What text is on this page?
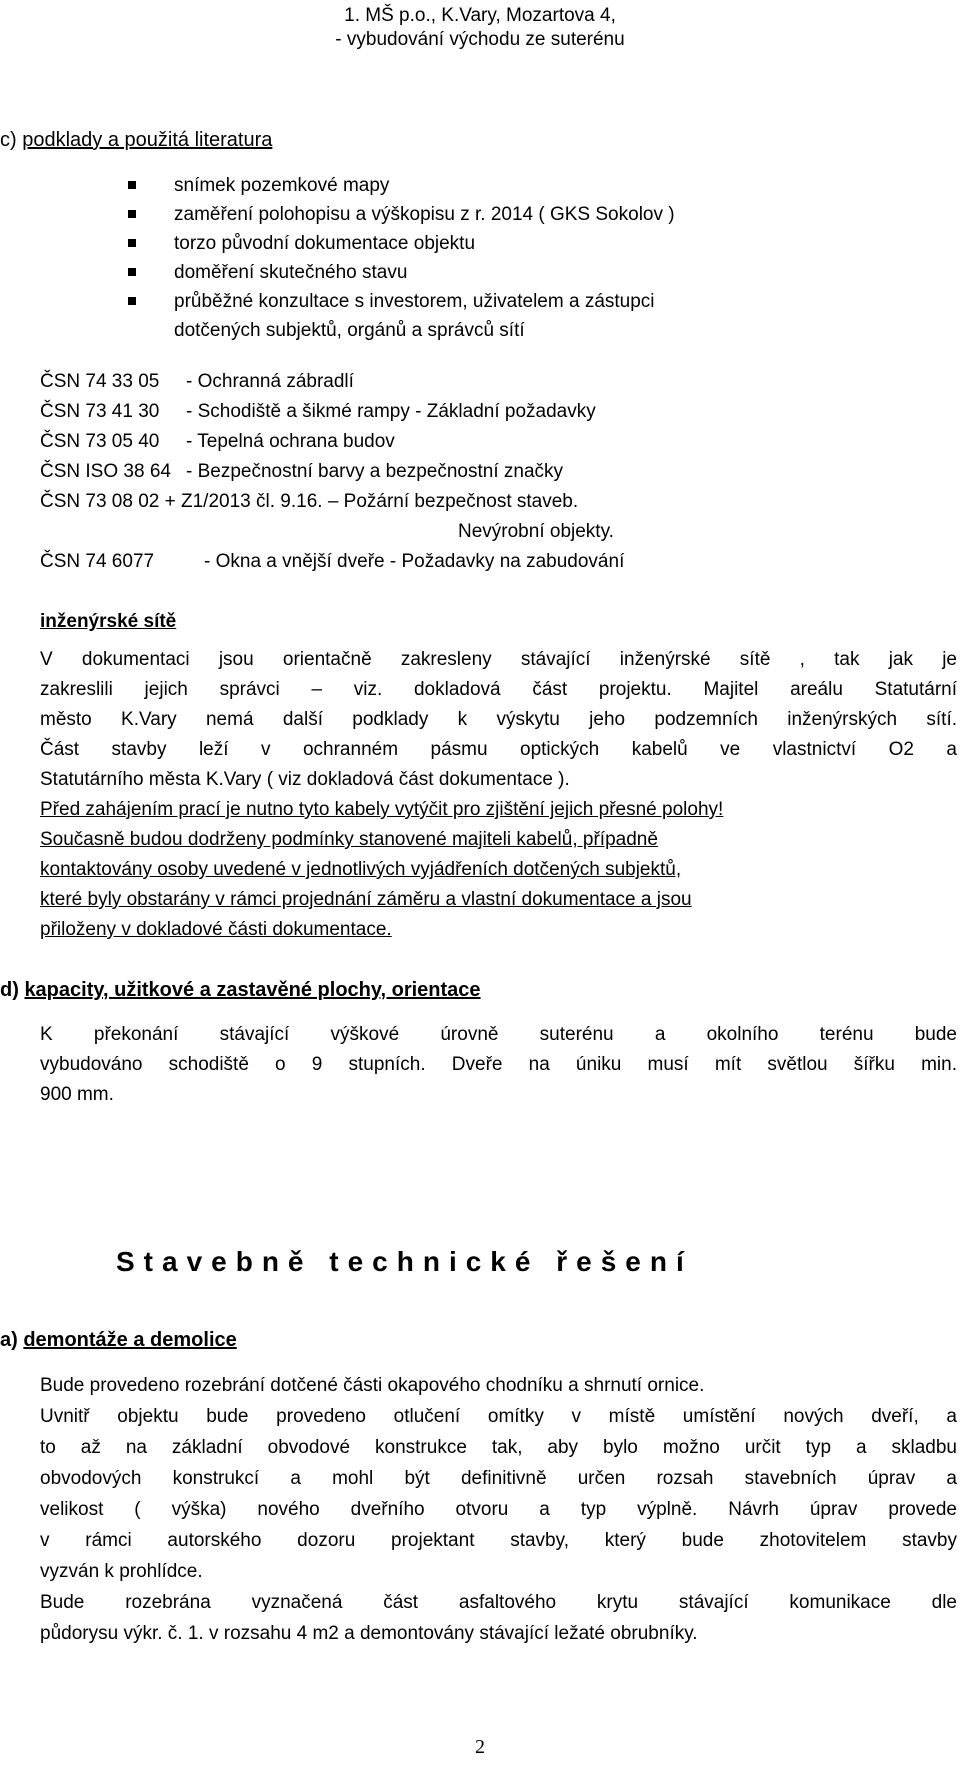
1. MŠ p.o., K.Vary, Mozartova 4,
- vybudování východu ze suterénu
c) podklady a použitá literatura
snímek pozemkové mapy
zaměření polohopisu a výškopisu z r. 2014 ( GKS Sokolov )
torzo původní dokumentace objektu
doměření skutečného stavu
průběžné konzultace s investorem, uživatelem a zástupci
dotčených subjektů, orgánů a správců sítí
ČSN 74 33 05 - Ochranná zábradlí
ČSN 73 41 30 - Schodiště a šikmé rampy - Základní požadavky
ČSN 73 05 40 - Tepelná ochrana budov
ČSN ISO 38 64 - Bezpečnostní barvy a bezpečnostní značky
ČSN 73 08 02 + Z1/2013 čl. 9.16. – Požární bezpečnost staveb.
Nevýrobní objekty.
ČSN 74 6077	- Okna a vnější dveře - Požadavky na zabudování
inženýrské sítě
V dokumentaci jsou orientačně zakresleny stávající inženýrské sítě , tak jak je
zakreslili jejich správci – viz. dokladová část projektu. Majitel areálu Statutární
město K.Vary nemá další podklady k výskytu jeho podzemních inženýrských sítí.
Část stavby leží v ochranném pásmu optických kabelů ve vlastnictví O2 a
Statutárního města K.Vary ( viz dokladová část dokumentace ).
Před zahájením prací je nutno tyto kabely vytýčit pro zjištění jejich přesné polohy!
Současně budou dodrženy podmínky stanovené majiteli kabelů, případně
kontaktovány osoby uvedené v jednotlivých vyjádřeních dotčených subjektů,
které byly obstarány v rámci projednání záměru a vlastní dokumentace a jsou
přiloženy v dokladové části dokumentace.
d) kapacity, užitkové a zastavěné plochy, orientace
K překonání stávající výškové úrovně suterénu a okolního terénu bude
vybudováno schodiště o 9 stupních. Dveře na úniku musí mít světlou šířku min.
900 mm.
Stavebně technické řešení
a) demontáže a demolice
Bude provedeno rozebrání dotčené části okapového chodníku a shrnutí ornice.
Uvnitř objektu bude provedeno otlučení omítky v místě umístění nových dveří, a
to až na základní obvodové konstrukce tak, aby bylo možno určit typ a skladbu
obvodových konstrukcí a mohl být definitivně určen rozsah stavebních úprav a
velikost ( výška) nového dveřního otvoru a typ výplně. Návrh úprav provede
v rámci autorského dozoru projektant stavby, který bude zhotovitelem stavby
vyzván k prohlídce.
Bude rozebrána vyznačená část asfaltového krytu stávající komunikace dle
půdorysu výkr. č. 1. v rozsahu 4 m2 a demontovány stávající ležaté obrubníky.
2
